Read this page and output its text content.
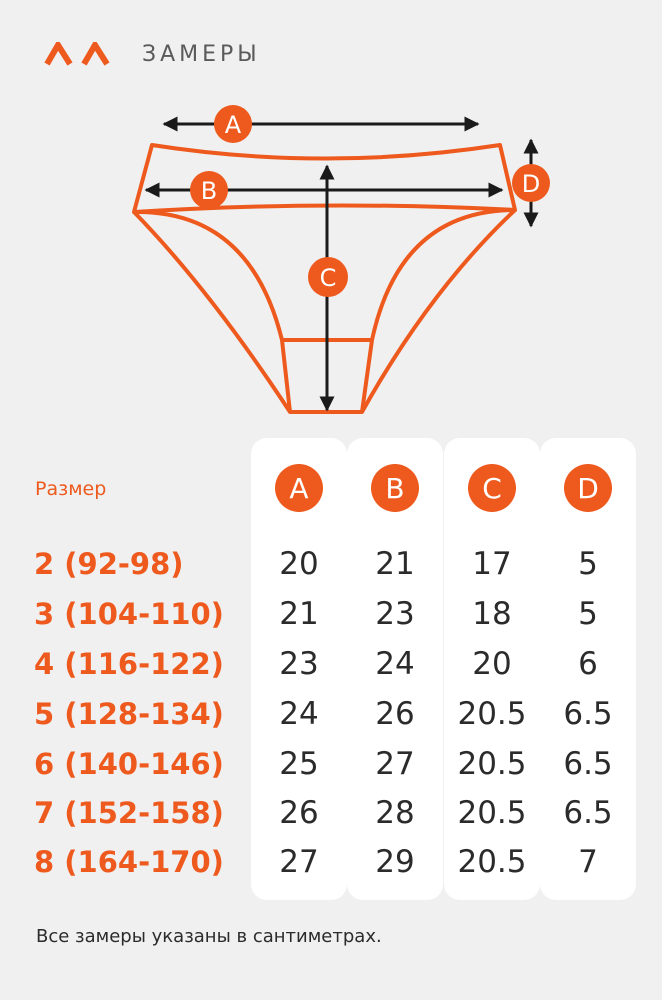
ЗАМЕРЫ
A
B
C
D
Размер
2 (92-98)
3 (104-110)
4 (116-122)
5 (128-134)
6 (140-146)
7 (152-158)
8 (164-170)
A
20
21
23
24
25
26
27
B
21
23
24
26
27
28
29
C
17
18
20
20.5
20.5
20.5
20.5
D
5
5
6
6.5
6.5
6.5
7
Все замеры указаны в сантиметрах.
